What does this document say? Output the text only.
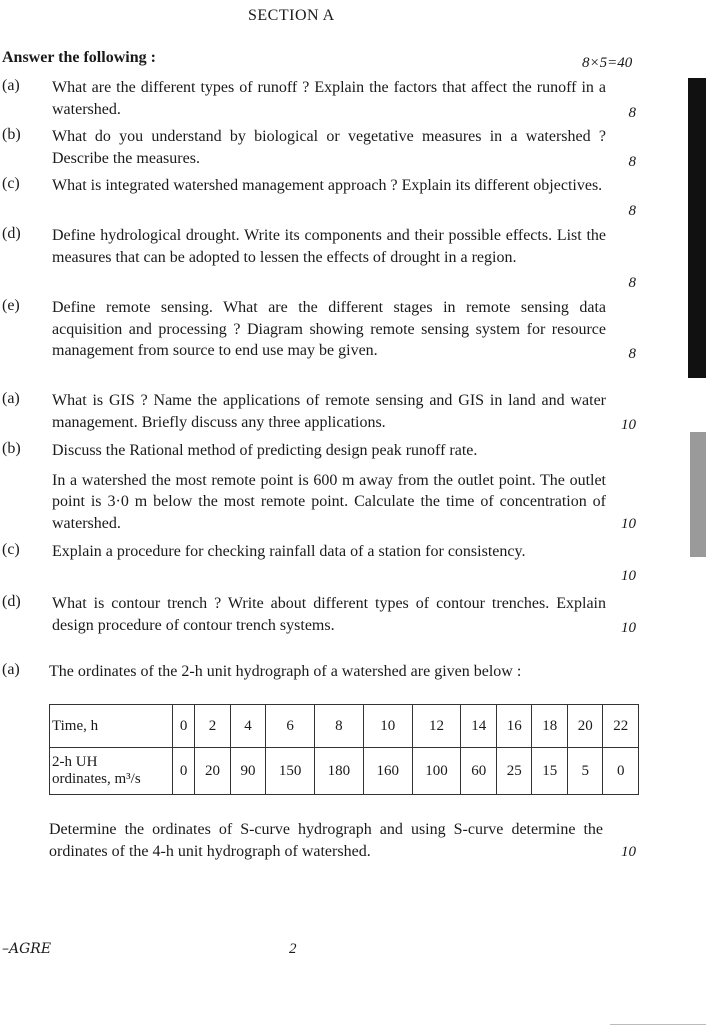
SECTION A
Answer the following :	8×5=40
(a) What are the different types of runoff ? Explain the factors that affect the runoff in a watershed.	8
(b) What do you understand by biological or vegetative measures in a watershed ? Describe the measures.	8
(c) What is integrated watershed management approach ? Explain its different objectives.

8
(d) Define hydrological drought. Write its components and their possible effects. List the measures that can be adopted to lessen the effects of drought in a region.

8
(e) Define remote sensing. What are the different stages in remote sensing data acquisition and processing ? Diagram showing remote sensing system for resource management from source to end use may be given.	8
(a) What is GIS ? Name the applications of remote sensing and GIS in land and water management. Briefly discuss any three applications.	10
(b) Discuss the Rational method of predicting design peak runoff rate.

In a watershed the most remote point is 600 m away from the outlet point. The outlet point is 3·0 m below the most remote point. Calculate the time of concentration of watershed.	10
(c) Explain a procedure for checking rainfall data of a station for consistency.

10
(d) What is contour trench ? Write about different types of contour trenches. Explain design procedure of contour trench systems.	10
(a) The ordinates of the 2-h unit hydrograph of a watershed are given below :

Time, h	0	2	4	6	8	10	12	14	16	18	20	22

2-h UH
ordinates, m³/s	0	20	90	150	180	160	100	60	25	15	5	0

Determine the ordinates of S-curve hydrograph and using S-curve determine the ordinates of the 4-h unit hydrograph of watershed.	10
–AGRE	2
